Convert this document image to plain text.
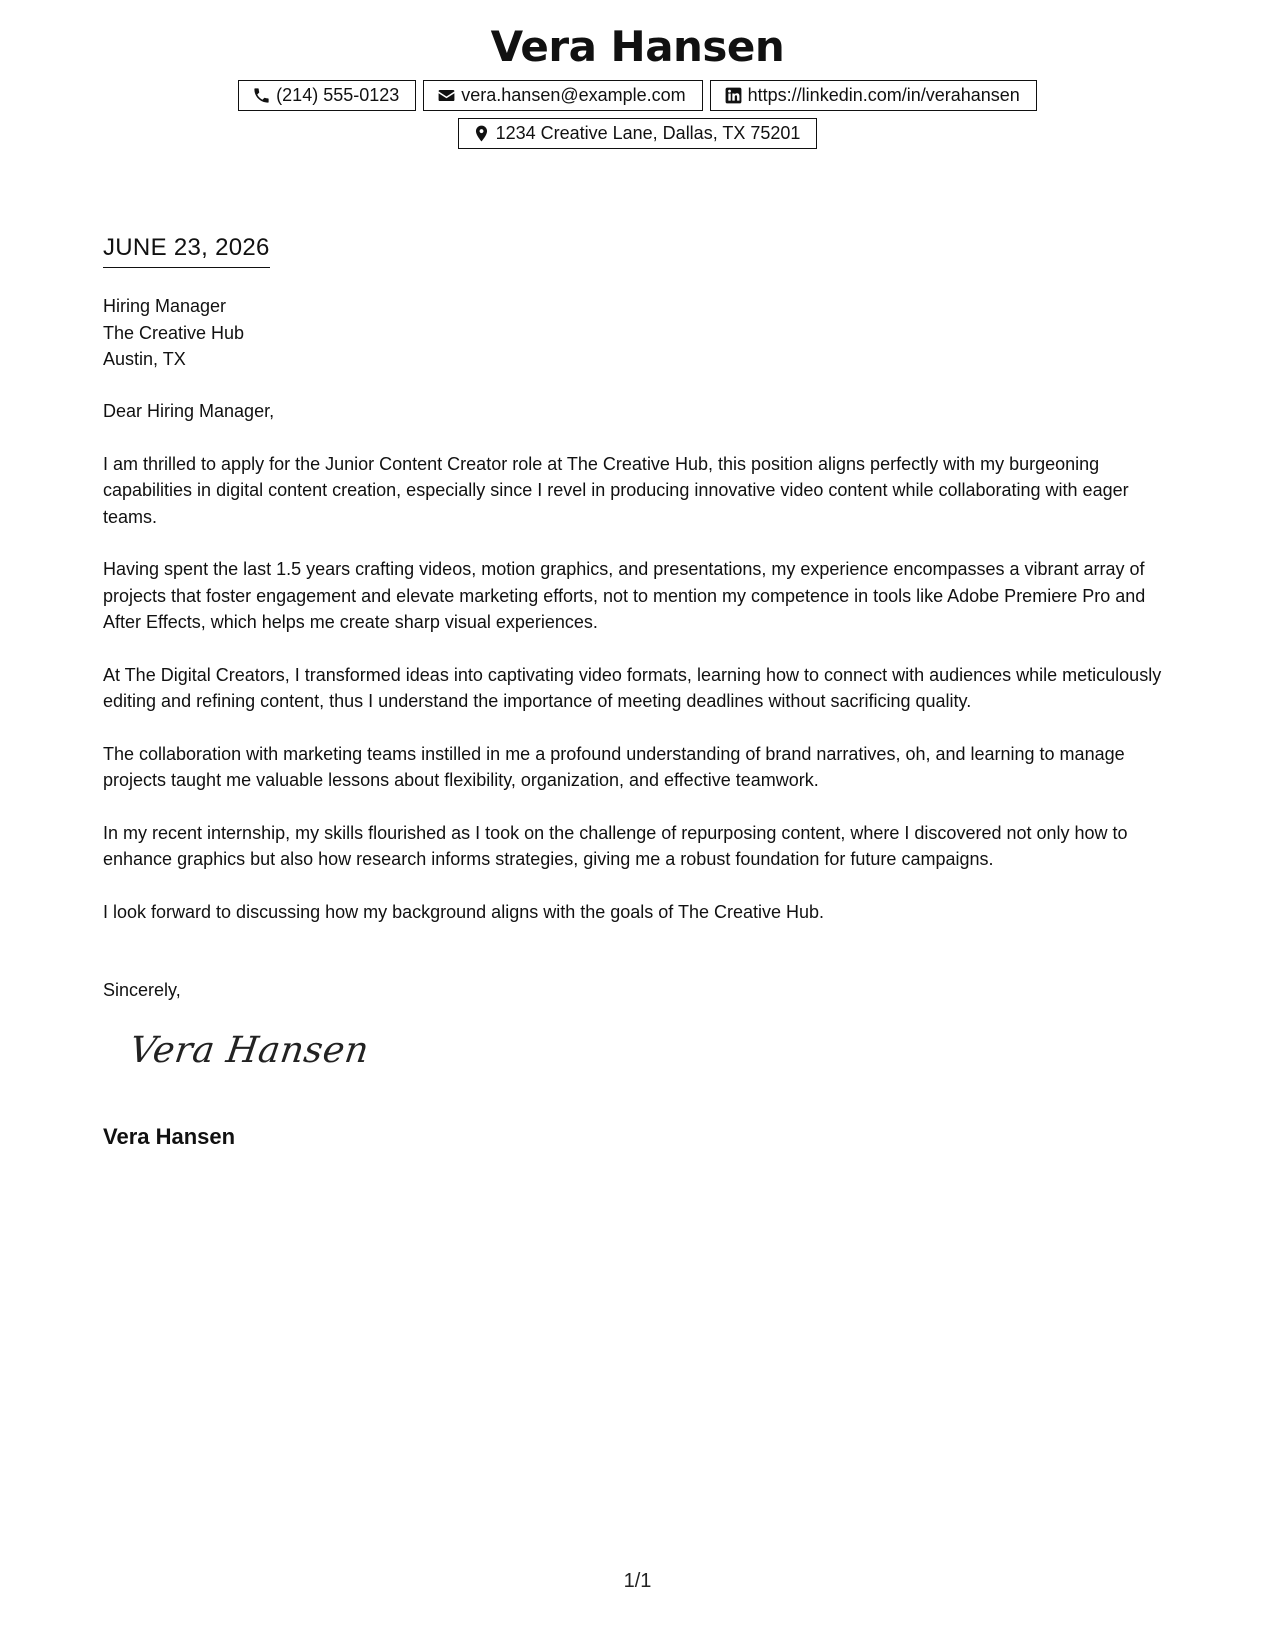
Vera Hansen
(214) 555-0123	vera.hansen@example.com	https://linkedin.com/in/verahansen
1234 Creative Lane, Dallas, TX 75201
JUNE 23, 2026
Hiring Manager
The Creative Hub
Austin, TX

Dear Hiring Manager,

I am thrilled to apply for the Junior Content Creator role at The Creative Hub, this position aligns perfectly with my burgeoning capabilities in digital content creation, especially since I revel in producing innovative video content while collaborating with eager teams.

Having spent the last 1.5 years crafting videos, motion graphics, and presentations, my experience encompasses a vibrant array of projects that foster engagement and elevate marketing efforts, not to mention my competence in tools like Adobe Premiere Pro and After Effects, which helps me create sharp visual experiences.

At The Digital Creators, I transformed ideas into captivating video formats, learning how to connect with audiences while meticulously editing and refining content, thus I understand the importance of meeting deadlines without sacrificing quality.

The collaboration with marketing teams instilled in me a profound understanding of brand narratives, oh, and learning to manage projects taught me valuable lessons about flexibility, organization, and effective teamwork.

In my recent internship, my skills flourished as I took on the challenge of repurposing content, where I discovered not only how to enhance graphics but also how research informs strategies, giving me a robust foundation for future campaigns.

I look forward to discussing how my background aligns with the goals of The Creative Hub.

Sincerely,
Vera Hansen
Vera Hansen
1/1
